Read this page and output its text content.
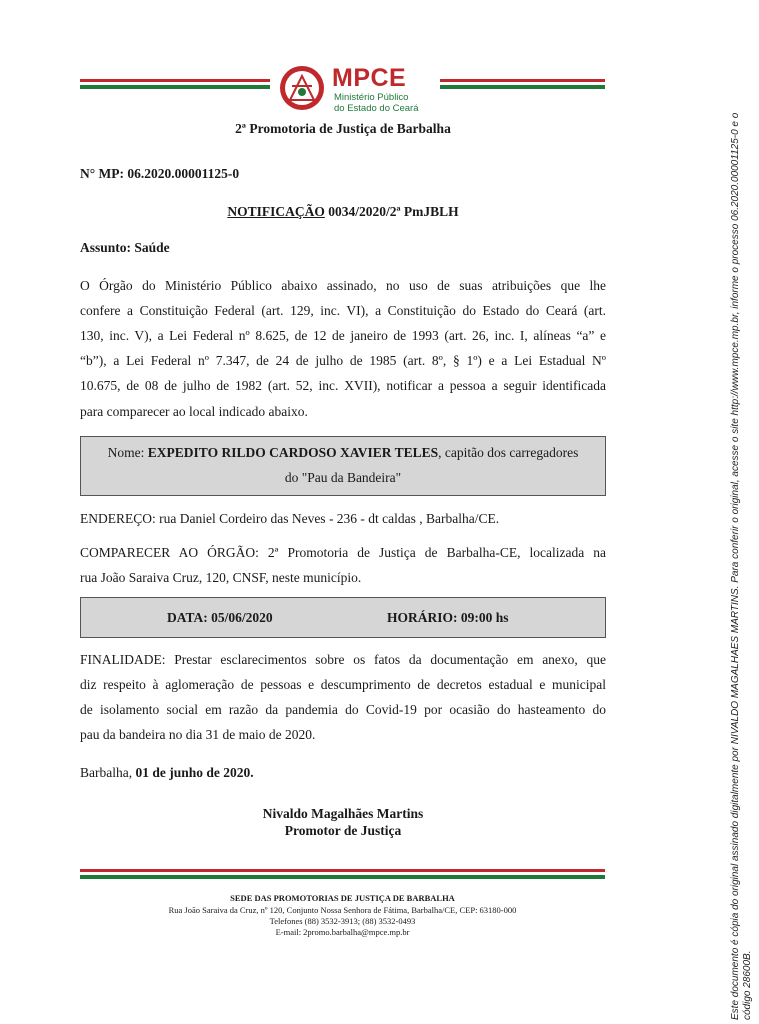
MPCE
Ministério Público
do Estado do Ceará
2ª Promotoria de Justiça de Barbalha
N° MP: 06.2020.00001125-0
NOTIFICAÇÃO 0034/2020/2ª PmJBLH
Assunto: Saúde
O Órgão do Ministério Público abaixo assinado, no uso de suas atribuições que lhe
confere a Constituição Federal (art. 129, inc. VI), a Constituição do Estado do Ceará (art.
130, inc. V), a Lei Federal nº 8.625, de 12 de janeiro de 1993 (art. 26, inc. I, alíneas “a” e
“b”), a Lei Federal nº 7.347, de 24 de julho de 1985 (art. 8º, § 1º) e a Lei Estadual Nº
10.675, de 08 de julho de 1982 (art. 52, inc. XVII), notificar a pessoa a seguir identificada
para comparecer ao local indicado abaixo.
Nome: EXPEDITO RILDO CARDOSO XAVIER TELES, capitão dos carregadores
do "Pau da Bandeira"
ENDEREÇO: rua Daniel Cordeiro das Neves - 236 - dt caldas , Barbalha/CE.
COMPARECER AO ÓRGÃO: 2ª Promotoria de Justiça de Barbalha-CE, localizada na
rua João Saraiva Cruz, 120, CNSF, neste município.
DATA: 05/06/2020	HORÁRIO: 09:00 hs
FINALIDADE: Prestar esclarecimentos sobre os fatos da documentação em anexo, que
diz respeito à aglomeração de pessoas e descumprimento de decretos estadual e municipal
de isolamento social em razão da pandemia do Covid-19 por ocasião do hasteamento do
pau da bandeira no dia 31 de maio de 2020.
Barbalha, 01 de junho de 2020.
Nivaldo Magalhães Martins
Promotor de Justiça
SEDE DAS PROMOTORIAS DE JUSTIÇA DE BARBALHA
Rua João Saraiva da Cruz, nº 120, Conjunto Nossa Senhora de Fátima, Barbalha/CE, CEP: 63180-000
Telefones (88) 3532-3913; (88) 3532-0493
E-mail: 2promo.barbalha@mpce.mp.br	Este documento é cópia do original assinado digitalmente por NIVALDO MAGALHAES MARTINS. Para conferir o original, acesse o site http://www.mpce.mp.br, informe o processo 06.2020.00001125-0 e o código 28600B.
